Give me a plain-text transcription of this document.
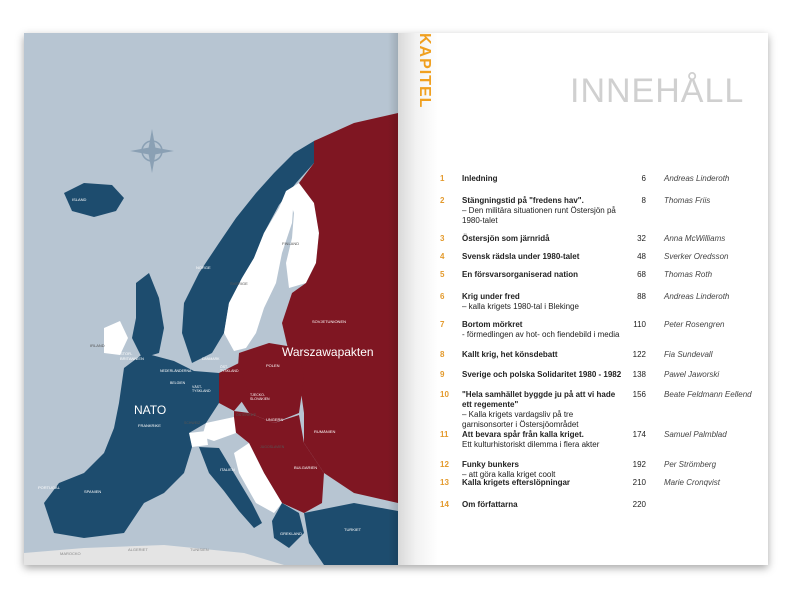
NATO
Warszawapakten
ISLAND
NORGE
SVERIGE
FINLAND
SOVJETUNIONEN
IRLAND
STOR-
BRITANNIEN
NEDERLÄNDERNA
BELGIEN
VÄST-
TYSKLAND
ÖST-
TYSKLAND
POLEN
TJECKO-
SLOVAKIEN
ÖSTERRIKE
UNGERN
RUMÄNIEN
BULGARIEN
JUGOSLAVIEN
FRANKRIKE	SCHWEIZ
ITALIEN
SPANIEN
PORTUGAL
GREKLAND
TURKIET
MAROCKO
ALGERIET	TUNISIEN
DANMARK
KAPITEL	INNEHÅLL
1 Inledning	6 Andreas Linderoth
2 Stängningstid på "fredens hav".
– Den militära situationen runt Östersjön på 1980-talet
8 Thomas Friis
3 Östersjön som järnridå	32 Anna McWilliams
4 Svensk rädsla under 1980-talet	48 Sverker Oredsson
5 En försvarsorganiserad nation	68 Thomas Roth
6 Krig under fred
– kalla krigets 1980-tal i Blekinge
88 Andreas Linderoth
7 Bortom mörkret
- förmedlingen av hot- och fiendebild i media
110 Peter Rosengren
8 Kallt krig, het könsdebatt	122 Fia Sundevall
9 Sverige och polska Solidaritet 1980 - 1982	138 Pawel Jaworski
10 "Hela samhället byggde ju på att vi hade ett regemente"
– Kalla krigets vardagsliv på tre garnisonsorter i Östersjöområdet
156 Beate Feldmann Eellend
11 Att bevara spår från kalla kriget.
Ett kulturhistoriskt dilemma i flera akter
174 Samuel Palmblad
12 Funky bunkers
– att göra kalla kriget coolt
192 Per Strömberg
13 Kalla krigets efterslöpningar	210 Marie Cronqvist
14 Om författarna	220
